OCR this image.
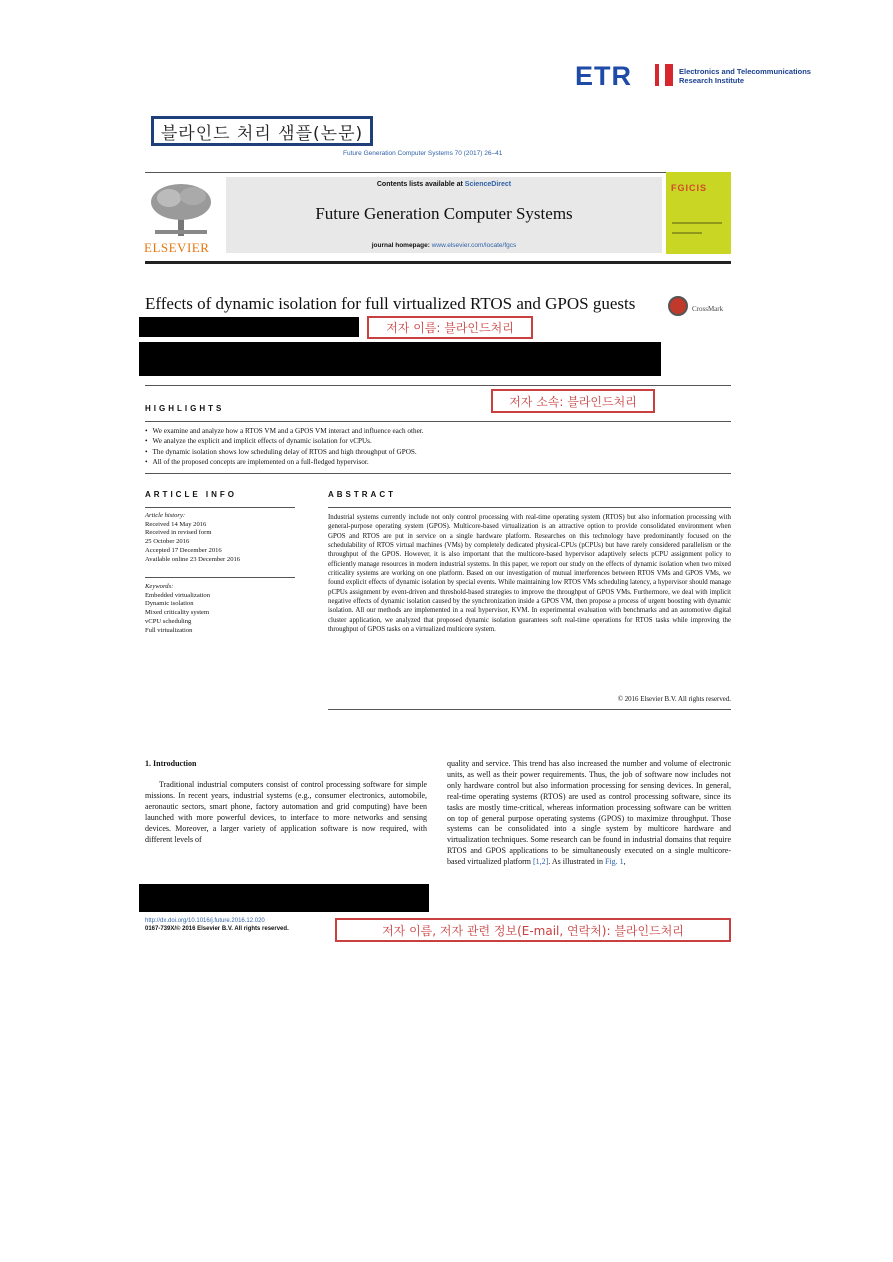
ETR	Electronics and Telecommunications
Research Institute
블라인드 처리 샘플(논문)
Future Generation Computer Systems 70 (2017) 26–41
ELSEVIER
Contents lists available at ScienceDirect
Future Generation Computer Systems
journal homepage: www.elsevier.com/locate/fgcs
FGICIS
Effects of dynamic isolation for full virtualized RTOS and GPOS guests	CrossMark
저자 이름: 블라인드처리
저자 소속: 블라인드처리
HIGHLIGHTS
• We examine and analyze how a RTOS VM and a GPOS VM interact and influence each other.
• We analyze the explicit and implicit effects of dynamic isolation for vCPUs.
• The dynamic isolation shows low scheduling delay of RTOS and high throughput of GPOS.
• All of the proposed concepts are implemented on a full-fledged hypervisor.
ARTICLE INFO
Article history:
Received 14 May 2016
Received in revised form
25 October 2016
Accepted 17 December 2016
Available online 23 December 2016
Keywords:
Embedded virtualization
Dynamic isolation
Mixed criticality system
vCPU scheduling
Full virtualization
ABSTRACT
Industrial systems currently include not only control processing with real-time operating system (RTOS) but also information processing with general-purpose operating system (GPOS). Multicore-based virtualization is an attractive option to provide consolidated environment when GPOS and RTOS are put in service on a single hardware platform. Researches on this technology have predominantly focused on the schedulability of RTOS virtual machines (VMs) by completely dedicated physical-CPUs (pCPUs) but have rarely considered parallelism or the throughput of the GPOS. However, it is also important that the multicore-based hypervisor adaptively selects pCPU assignment policy to efficiently manage resources in modern industrial systems. In this paper, we report our study on the effects of dynamic isolation when two mixed criticality systems are working on one platform. Based on our investigation of mutual interferences between RTOS VMs and GPOS VMs, we found explicit effects of dynamic isolation by special events. While maintaining low RTOS VMs scheduling latency, a hypervisor should manage pCPUs assignment by event-driven and threshold-based strategies to improve the throughput of GPOS VMs. Furthermore, we deal with implicit negative effects of dynamic isolation caused by the synchronization inside a GPOS VM, then propose a process of urgent boosting with dynamic isolation. All our methods are implemented in a real hypervisor, KVM. In experimental evaluation with benchmarks and an automotive digital cluster application, we analyzed that proposed dynamic isolation guarantees soft real-time operations for RTOS tasks while improving the throughput of GPOS tasks on a virtualized multicore system.
© 2016 Elsevier B.V. All rights reserved.
1. Introduction
Traditional industrial computers consist of control processing software for simple missions. In recent years, industrial systems (e.g., consumer electronics, automobile, aeronautic sectors, smart phone, factory automation and grid computing) have been launched with more powerful devices, to interface to more networks and sensing devices. Moreover, a larger variety of application software is now required, with different levels of
quality and service. This trend has also increased the number and volume of electronic units, as well as their power requirements. Thus, the job of software now includes not only hardware control but also information processing for sensing devices. In general, real-time operating systems (RTOS) are used as control processing software, since its tasks are mostly time-critical, whereas information processing software can be written on top of general purpose operating systems (GPOS) to maximize throughput. Those systems can be consolidated into a single system by multicore hardware and virtualization techniques. Some research can be found in industrial domains that require RTOS and GPOS applications to be simultaneously executed on a single multicore-based virtualized platform [1,2]. As illustrated in Fig. 1,
http://dx.doi.org/10.1016/j.future.2016.12.020
0167-739X/© 2016 Elsevier B.V. All rights reserved.	저자 이름, 저자 관련 정보(E-mail, 연락처): 블라인드처리
